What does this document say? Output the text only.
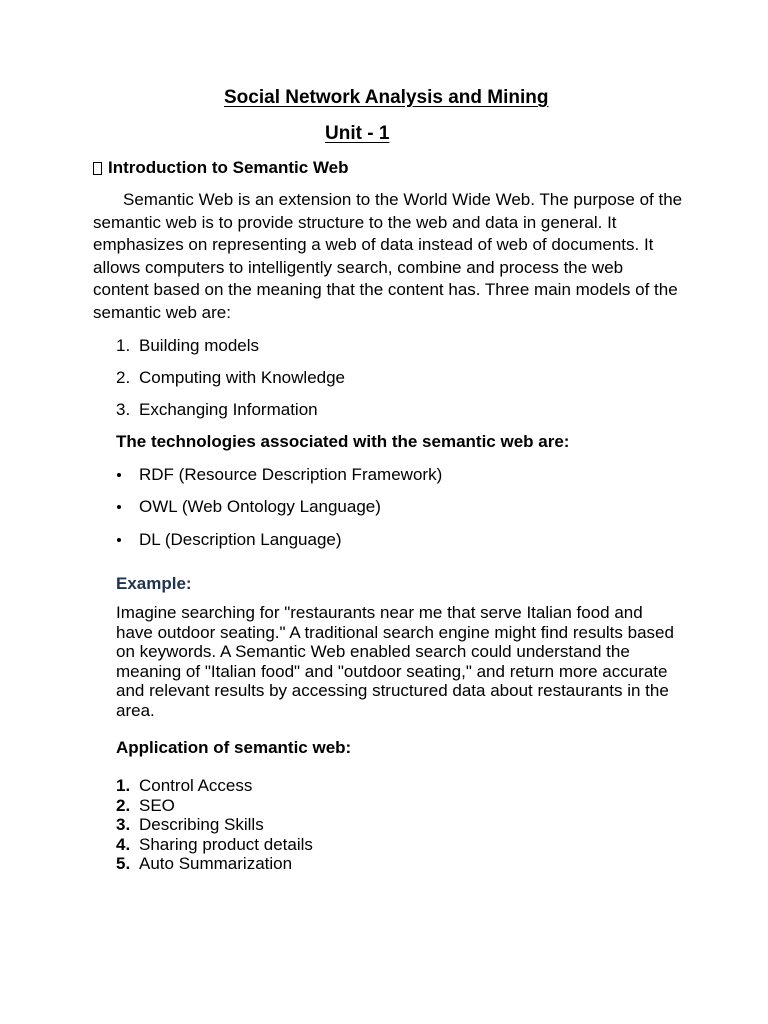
Social Network Analysis and Mining
Unit - 1
Introduction to Semantic Web

Semantic Web is an extension to the World Wide Web. The purpose of the semantic web is to provide structure to the web and data in general. It emphasizes on representing a web of data instead of web of documents. It allows computers to intelligently search, combine and process the web content based on the meaning that the content has. Three main models of the semantic web are:

1. Building models
2. Computing with Knowledge
3. Exchanging Information
The technologies associated with the semantic web are:
RDF (Resource Description Framework)
OWL (Web Ontology Language)
DL (Description Language)
Example:

Imagine searching for "restaurants near me that serve Italian food and have outdoor seating." A traditional search engine might find results based on keywords. A Semantic Web enabled search could understand the meaning of "Italian food" and "outdoor seating," and return more accurate and relevant results by accessing structured data about restaurants in the area.

Application of semantic web:
1. Control Access
2. SEO
3. Describing Skills
4. Sharing product details
5. Auto Summarization
